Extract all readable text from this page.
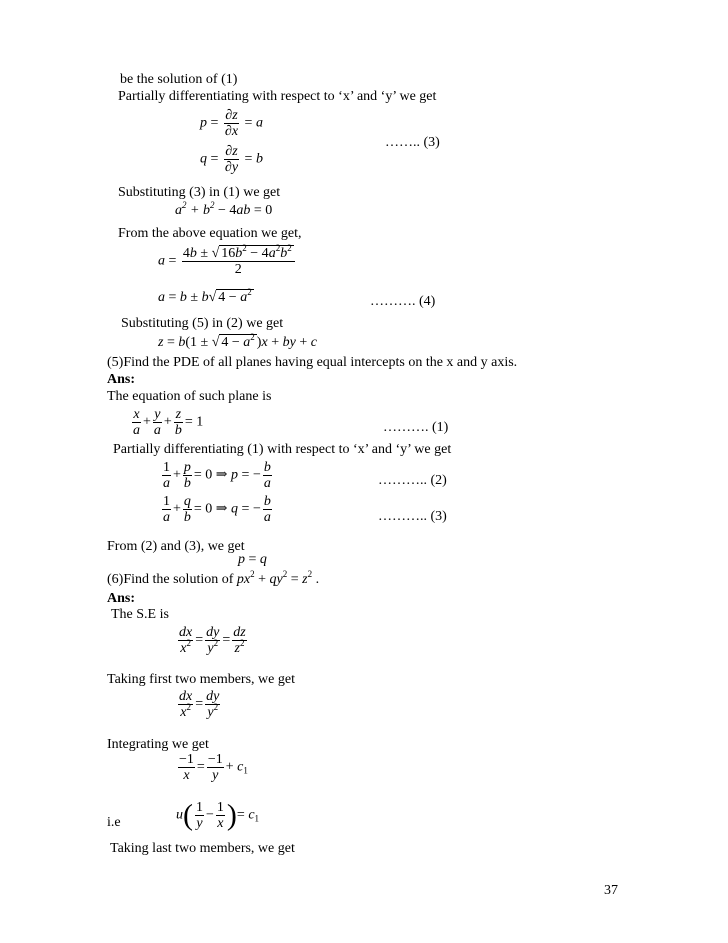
be the solution of (1)
Partially differentiating with respect to ‘x’ and ‘y’ we get
$p = \frac{\partial z}{\partial x} = a$
…….. (3)
$q = \frac{\partial z}{\partial y} = b$
Substituting (3) in (1) we get
$a^2 + b^2 - 4ab = 0$
From the above equation we get,
$a = \frac{4b \pm √ 16b^2 - 4a^2b^2}{2}$
a = b ± b√ $4 - a^2$
………. (4)
Substituting (5) in (2) we get
z = b(1 ± √ $4 - a^2$ )x + by + c
(5)Find the PDE of all planes having equal intercepts on the x and y axis.
Ans:
The equation of such plane is
$\frac{x}{a} + \frac{y}{a} + \frac{z}{b} = 1$	………. (1)
Partially differentiating (1) with respect to ‘x’ and ‘y’ we get
$\frac{1}{a} + \frac{p}{b} = 0$ ⇒ p = − $\frac{b}{a}$	……….. (2)
$\frac{1}{a} + \frac{q}{b} = 0$ ⇒ q = − $\frac{b}{a}$	……….. (3)
From (2) and (3), we get
p = q
(6)Find the solution of $px^2 + qy^2 = z^2$ .
Ans:
The S.E is
$\frac{dx}{x^2} = \frac{dy}{y^2} = \frac{dz}{z^2}$
Taking first two members, we get
$\frac{dx}{x^2} = \frac{dy}{y^2}$
Integrating we get
$\frac{-1}{x} = \frac{-1}{y} + c_1$
i.e	$u( \frac{1}{y} - \frac{1}{x}$ )= $c_1$
Taking last two members, we get
37
